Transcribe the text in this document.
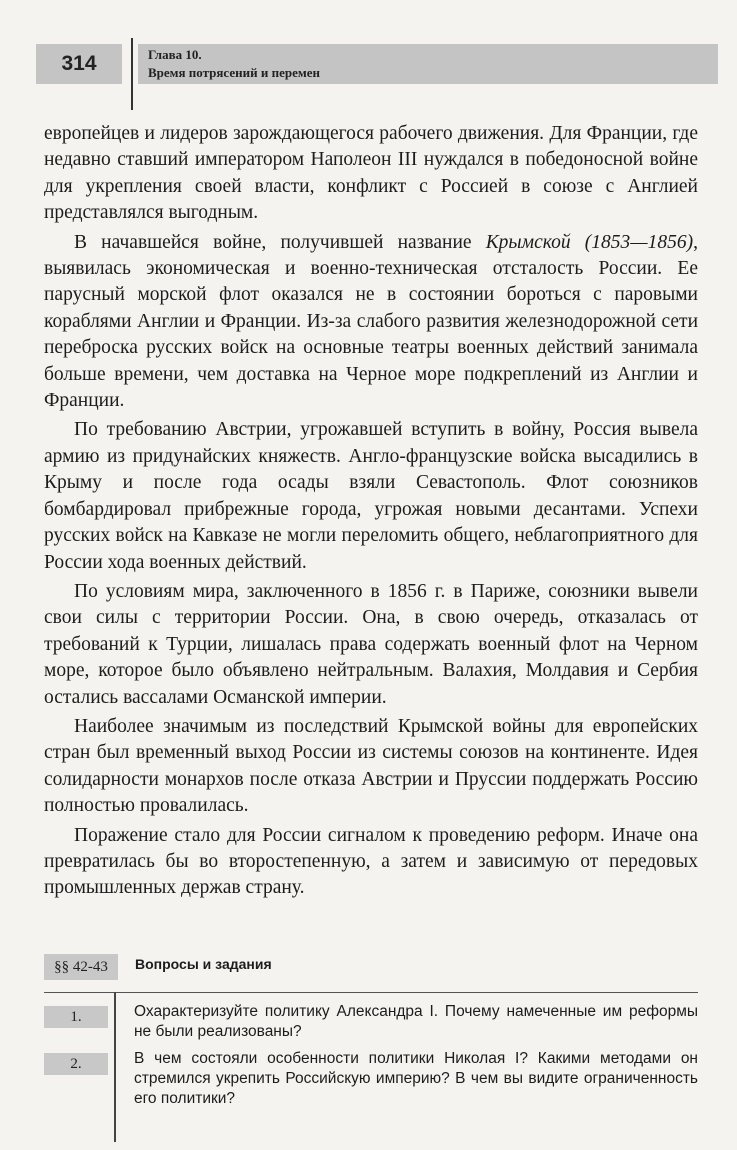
314	Глава 10.
Время потрясений и перемен

европейцев и лидеров зарождающегося рабочего движения. Для Франции, где недавно ставший императором Наполеон III нуждался в победоносной войне для укрепления своей власти, конфликт с Россией в союзе с Англией представлялся выгодным.

В начавшейся войне, получившей название Крымской (1853—1856), выявилась экономическая и военно-техническая отсталость России. Ее парусный морской флот оказался не в состоянии бороться с паровыми кораблями Англии и Франции. Из-за слабого развития железнодорожной сети переброска русских войск на основные театры военных действий занимала больше времени, чем доставка на Черное море подкреплений из Англии и Франции.

По требованию Австрии, угрожавшей вступить в войну, Россия вывела армию из придунайских княжеств. Англо-французские войска высадились в Крыму и после года осады взяли Севастополь. Флот союзников бомбардировал прибрежные города, угрожая новыми десантами. Успехи русских войск на Кавказе не могли переломить общего, неблагоприятного для России хода военных действий.

По условиям мира, заключенного в 1856 г. в Париже, союзники вывели свои силы с территории России. Она, в свою очередь, отказалась от требований к Турции, лишалась права содержать военный флот на Черном море, которое было объявлено нейтральным. Валахия, Молдавия и Сербия остались вассалами Османской империи.

Наиболее значимым из последствий Крымской войны для европейских стран был временный выход России из системы союзов на континенте. Идея солидарности монархов после отказа Австрии и Пруссии поддержать Россию полностью провалилась.

Поражение стало для России сигналом к проведению реформ. Иначе она превратилась бы во второстепенную, а затем и зависимую от передовых промышленных держав страну.

§§ 42-43	Вопросы и задания
1.	Охарактеризуйте политику Александра I. Почему намеченные им реформы не были реализованы?
2.	В чем состояли особенности политики Николая I? Какими методами он стремился укрепить Российскую империю? В чем вы видите ограниченность его политики?
